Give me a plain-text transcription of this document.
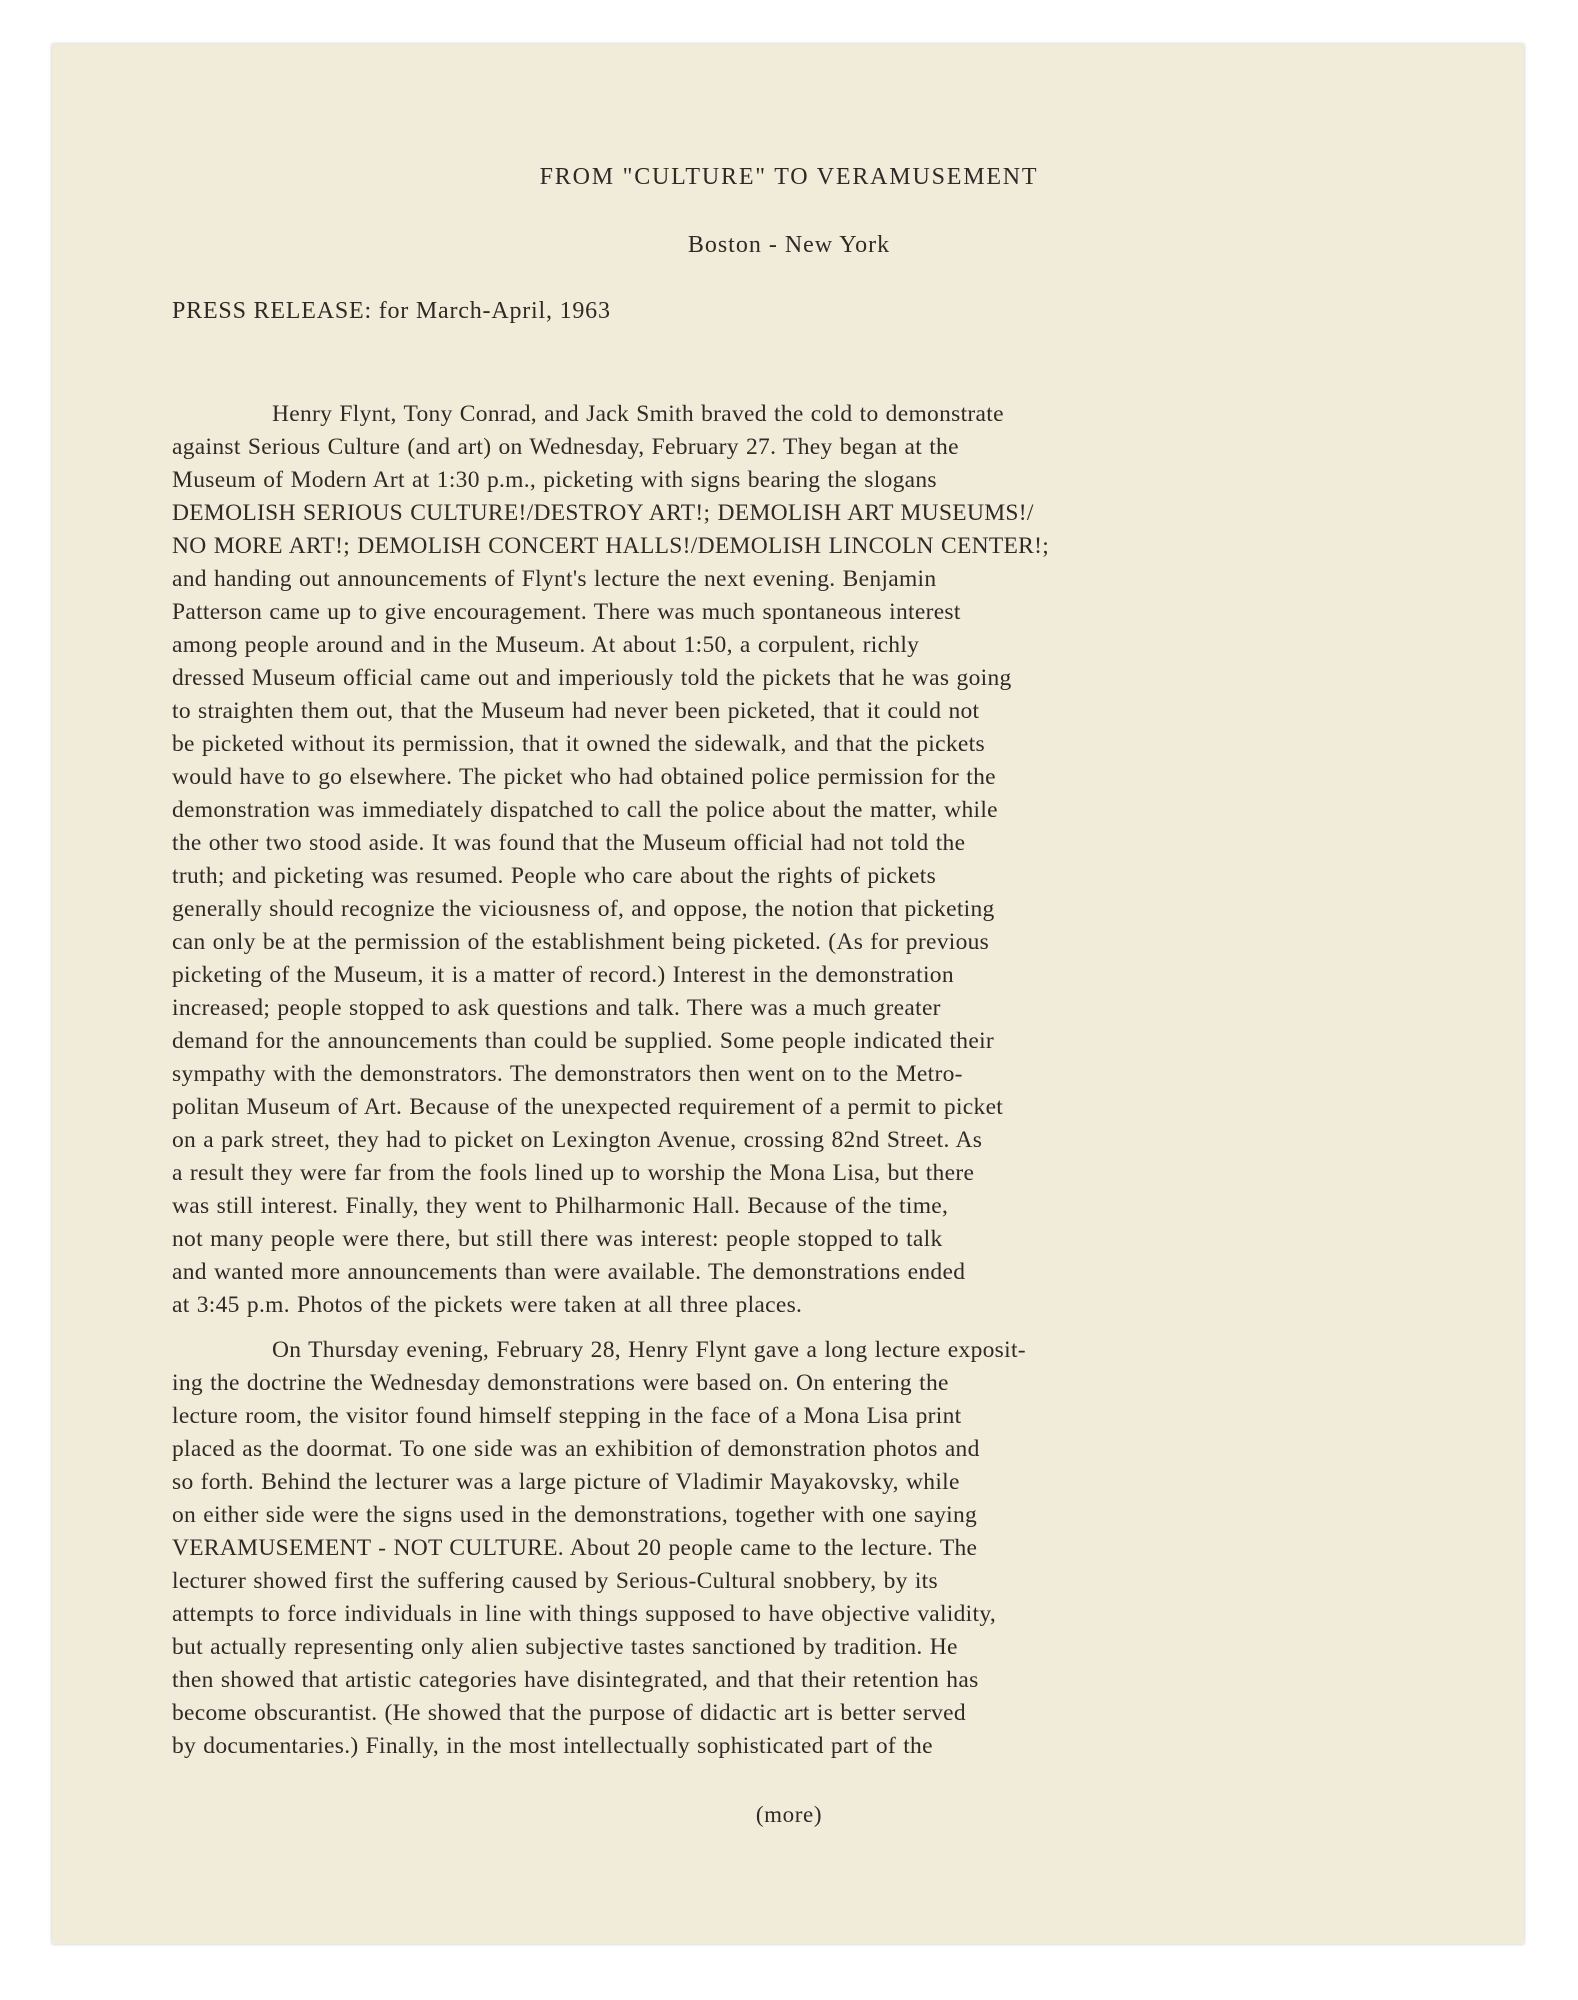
FROM "CULTURE" TO VERAMUSEMENT
Boston - New York
PRESS RELEASE: for March-April, 1963
Henry Flynt, Tony Conrad, and Jack Smith braved the cold to demonstrate
against Serious Culture (and art) on Wednesday, February 27. They began at the
Museum of Modern Art at 1:30 p.m., picketing with signs bearing the slogans
DEMOLISH SERIOUS CULTURE!/DESTROY ART!; DEMOLISH ART MUSEUMS!/
NO MORE ART!; DEMOLISH CONCERT HALLS!/DEMOLISH LINCOLN CENTER!;
and handing out announcements of Flynt's lecture the next evening. Benjamin
Patterson came up to give encouragement. There was much spontaneous interest
among people around and in the Museum. At about 1:50, a corpulent, richly
dressed Museum official came out and imperiously told the pickets that he was going
to straighten them out, that the Museum had never been picketed, that it could not
be picketed without its permission, that it owned the sidewalk, and that the pickets
would have to go elsewhere. The picket who had obtained police permission for the
demonstration was immediately dispatched to call the police about the matter, while
the other two stood aside. It was found that the Museum official had not told the
truth; and picketing was resumed. People who care about the rights of pickets
generally should recognize the viciousness of, and oppose, the notion that picketing
can only be at the permission of the establishment being picketed. (As for previous
picketing of the Museum, it is a matter of record.) Interest in the demonstration
increased; people stopped to ask questions and talk. There was a much greater
demand for the announcements than could be supplied. Some people indicated their
sympathy with the demonstrators. The demonstrators then went on to the Metro-
politan Museum of Art. Because of the unexpected requirement of a permit to picket
on a park street, they had to picket on Lexington Avenue, crossing 82nd Street. As
a result they were far from the fools lined up to worship the Mona Lisa, but there
was still interest. Finally, they went to Philharmonic Hall. Because of the time,
not many people were there, but still there was interest: people stopped to talk
and wanted more announcements than were available. The demonstrations ended
at 3:45 p.m. Photos of the pickets were taken at all three places.
On Thursday evening, February 28, Henry Flynt gave a long lecture exposit-
ing the doctrine the Wednesday demonstrations were based on. On entering the
lecture room, the visitor found himself stepping in the face of a Mona Lisa print
placed as the doormat. To one side was an exhibition of demonstration photos and
so forth. Behind the lecturer was a large picture of Vladimir Mayakovsky, while
on either side were the signs used in the demonstrations, together with one saying
VERAMUSEMENT - NOT CULTURE. About 20 people came to the lecture. The
lecturer showed first the suffering caused by Serious-Cultural snobbery, by its
attempts to force individuals in line with things supposed to have objective validity,
but actually representing only alien subjective tastes sanctioned by tradition. He
then showed that artistic categories have disintegrated, and that their retention has
become obscurantist. (He showed that the purpose of didactic art is better served
by documentaries.) Finally, in the most intellectually sophisticated part of the
(more)
